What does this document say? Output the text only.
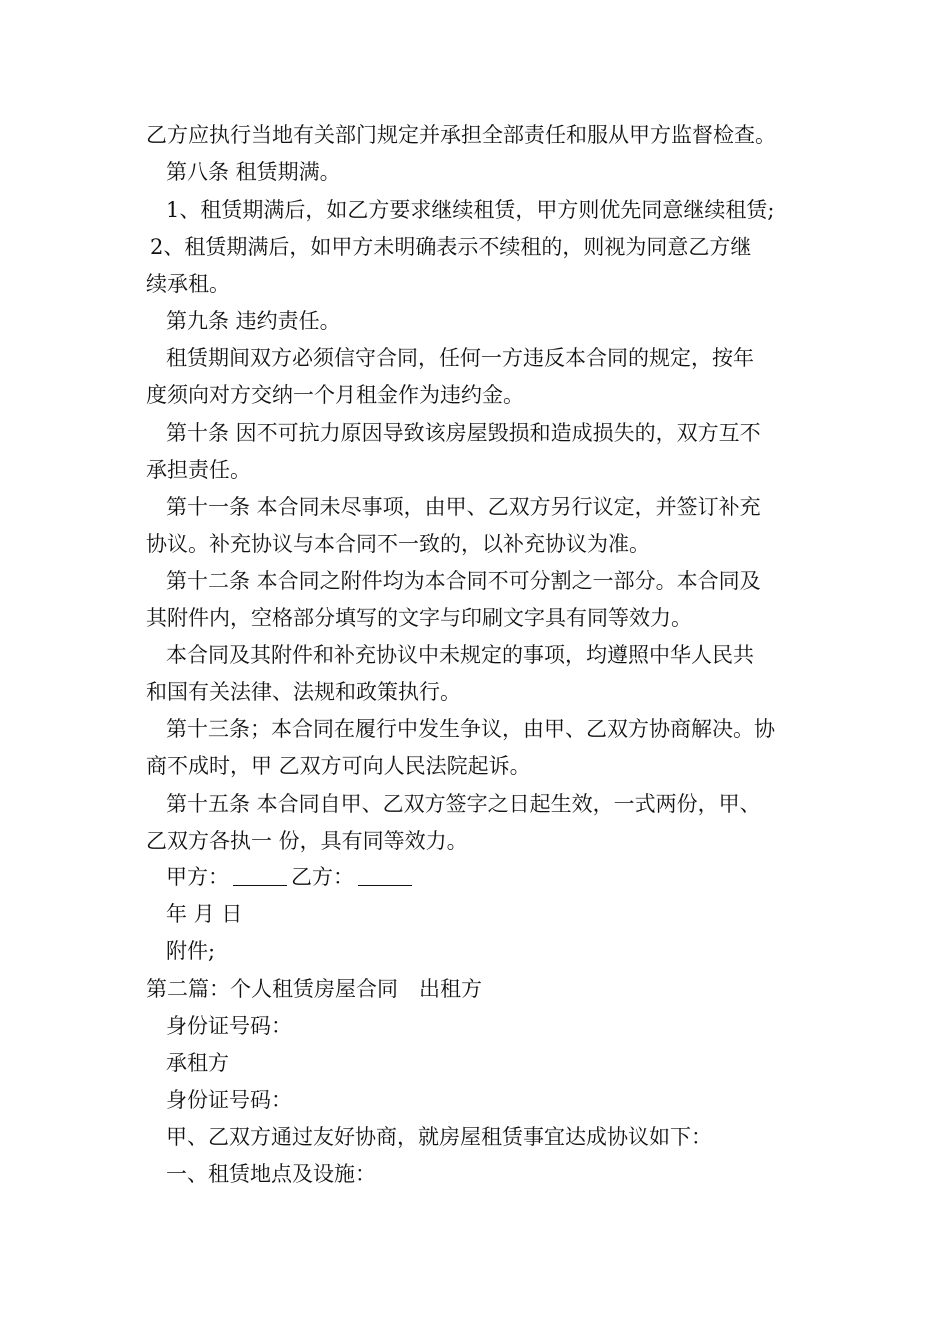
乙方应执行当地有关部门规定并承担全部责任和服从甲方监督检查。
第八条 租赁期满。
1、租赁期满后，如乙方要求继续租赁，甲方则优先同意继续租赁;
2、租赁期满后，如甲方未明确表示不续租的，则视为同意乙方继
续承租。
第九条 违约责任。
租赁期间双方必须信守合同，任何一方违反本合同的规定，按年
度须向对方交纳一个月租金作为违约金。
第十条 因不可抗力原因导致该房屋毁损和造成损失的，双方互不
承担责任。
第十一条 本合同未尽事项，由甲、乙双方另行议定，并签订补充
协议。补充协议与本合同不一致的，以补充协议为准。
第十二条 本合同之附件均为本合同不可分割之一部分。本合同及
其附件内，空格部分填写的文字与印刷文字具有同等效力。
本合同及其附件和补充协议中未规定的事项，均遵照中华人民共
和国有关法律、法规和政策执行。
第十三条；本合同在履行中发生争议，由甲、乙双方协商解决。协
商不成时，甲 乙双方可向人民法院起诉。
第十五条 本合同自甲、乙双方签字之日起生效，一式两份，甲、
乙双方各执一 份，具有同等效力。
甲方：	乙方：
年 月 日
附件;
第二篇：个人租赁房屋合同　出租方
身份证号码：
承租方
身份证号码：
甲、乙双方通过友好协商，就房屋租赁事宜达成协议如下：
一、租赁地点及设施：
